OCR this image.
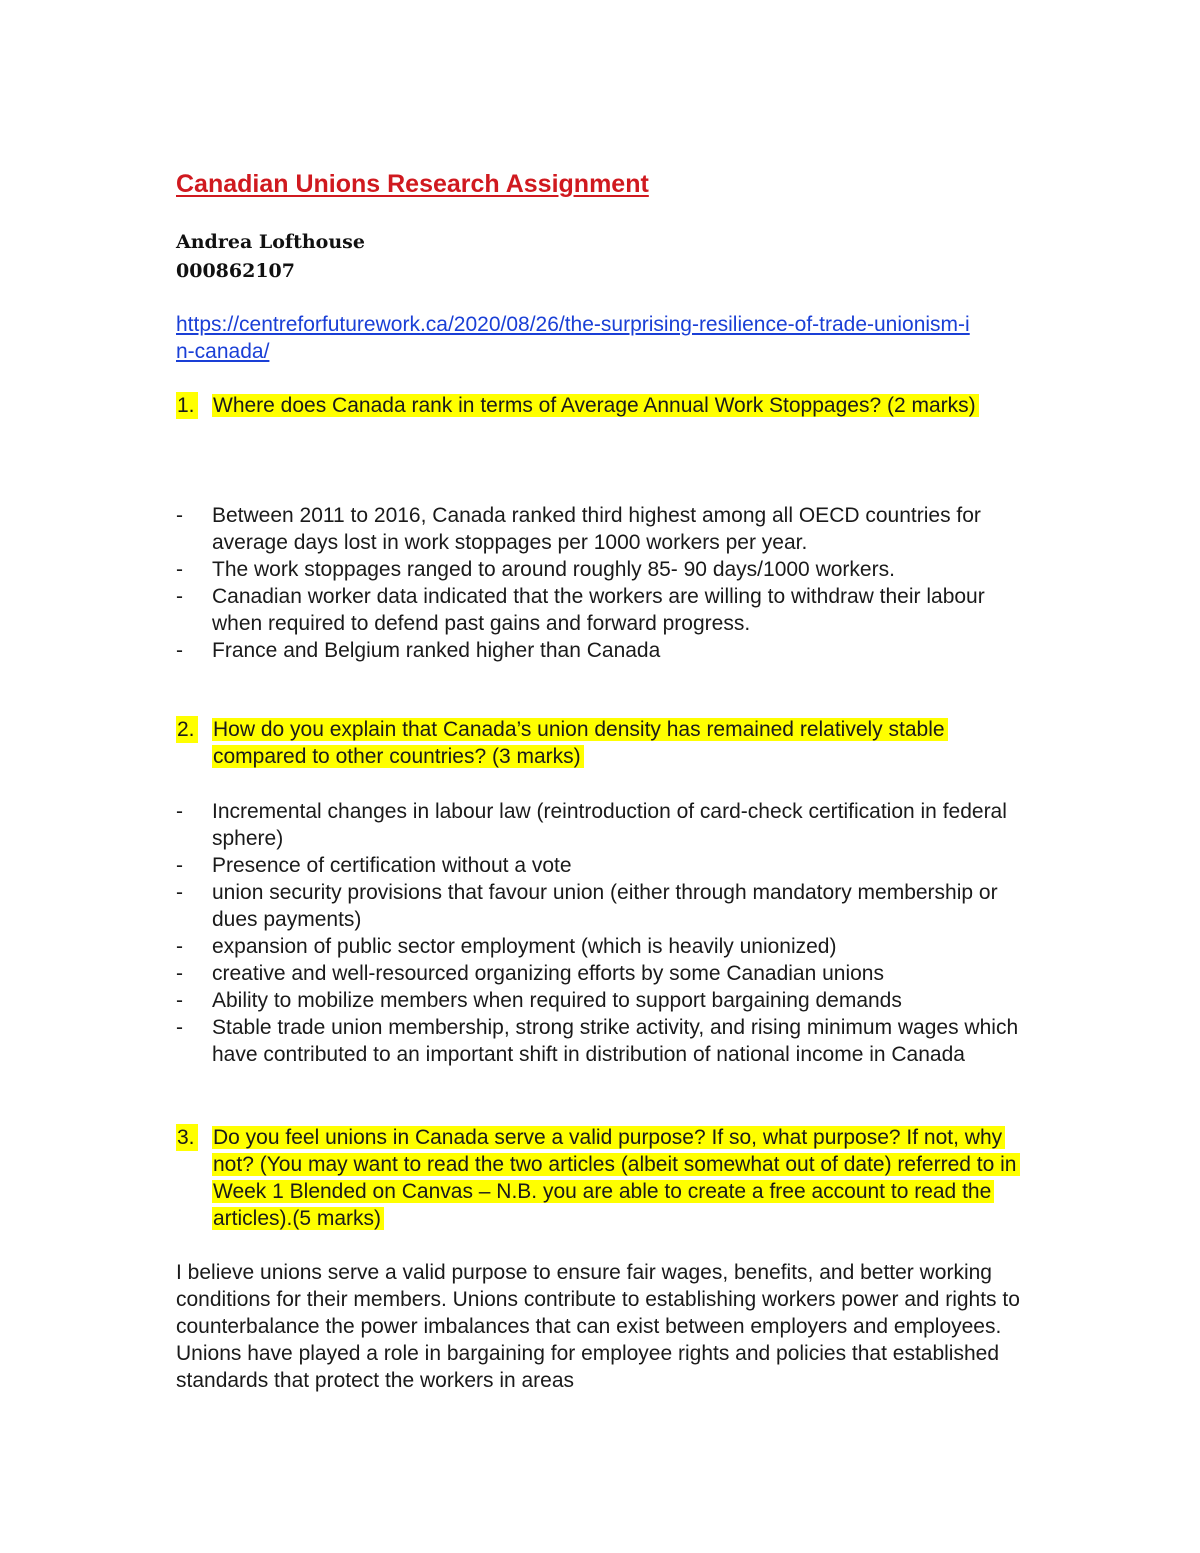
Canadian Unions Research Assignment
Andrea Lofthouse
000862107
https://centreforfuturework.ca/2020/08/26/the-surprising-resilience-of-trade-unionism-in-canada/
1. Where does Canada rank in terms of Average Annual Work Stoppages? (2 marks)
- Between 2011 to 2016, Canada ranked third highest among all OECD countries for average days lost in work stoppages per 1000 workers per year.
- The work stoppages ranged to around roughly 85- 90 days/1000 workers.
- Canadian worker data indicated that the workers are willing to withdraw their labour when required to defend past gains and forward progress.
- France and Belgium ranked higher than Canada
2. How do you explain that Canada’s union density has remained relatively stable compared to other countries? (3 marks)
- Incremental changes in labour law (reintroduction of card-check certification in federal sphere)
- Presence of certification without a vote
- union security provisions that favour union (either through mandatory membership or dues payments)
- expansion of public sector employment (which is heavily unionized)
- creative and well-resourced organizing efforts by some Canadian unions
- Ability to mobilize members when required to support bargaining demands
- Stable trade union membership, strong strike activity, and rising minimum wages which have contributed to an important shift in distribution of national income in Canada
3. Do you feel unions in Canada serve a valid purpose? If so, what purpose? If not, why not? (You may want to read the two articles (albeit somewhat out of date) referred to in Week 1 Blended on Canvas – N.B. you are able to create a free account to read the articles).(5 marks)
I believe unions serve a valid purpose to ensure fair wages, benefits, and better working conditions for their members. Unions contribute to establishing workers power and rights to counterbalance the power imbalances that can exist between employers and employees. Unions have played a role in bargaining for employee rights and policies that established standards that protect the workers in areas
